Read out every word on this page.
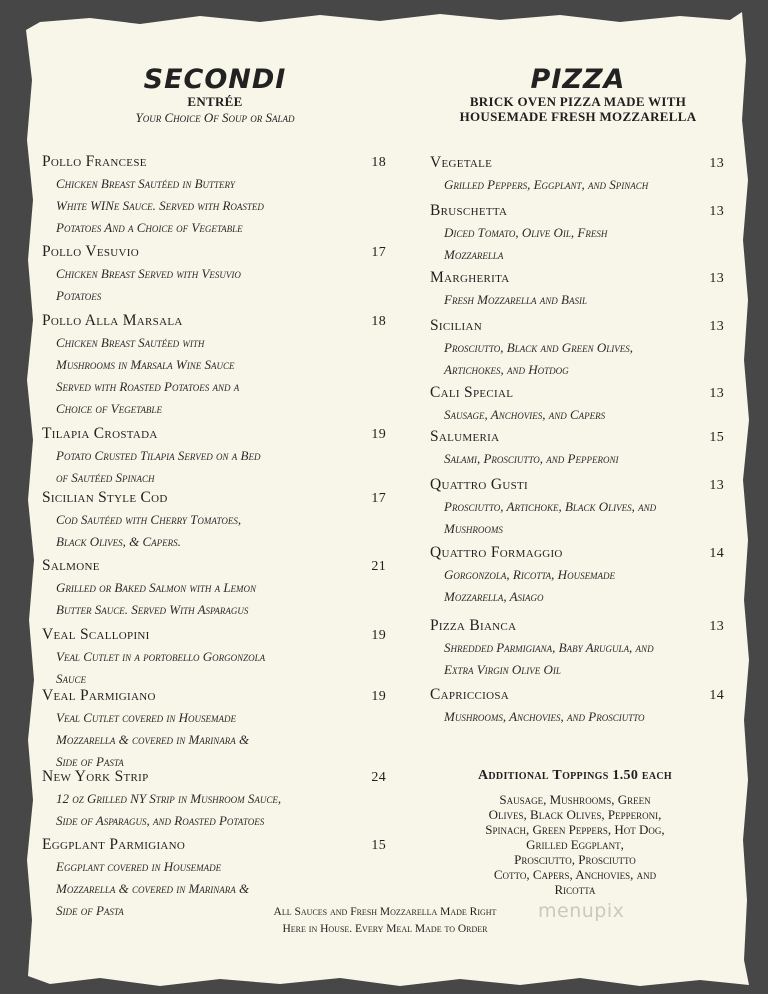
SECONDI
ENTRÉE
Your Choice Of Soup or Salad
Pollo Francese	18
Chicken Breast Sautéed in Buttery
White WINe Sauce. Served with Roasted
Potatoes And a Choice of Vegetable
Pollo Vesuvio	17
Chicken Breast Served with Vesuvio
Potatoes
Pollo Alla Marsala	18
Chicken Breast Sautéed with
Mushrooms in Marsala Wine Sauce
Served with Roasted Potatoes and a
Choice of Vegetable
Tilapia Crostada	19
Potato Crusted Tilapia Served on a Bed
of Sautéed Spinach
Sicilian Style Cod	17
Cod Sautéed with Cherry Tomatoes,
Black Olives, & Capers.
Salmone	21
Grilled or Baked Salmon with a Lemon
Butter Sauce. Served With Asparagus
Veal Scallopini	19
Veal Cutlet in a portobello Gorgonzola
Sauce
Veal Parmigiano	19
Veal Cutlet covered in Housemade
Mozzarella & covered in Marinara &
Side of Pasta
New York Strip	24
12 oz Grilled NY Strip in Mushroom Sauce,
Side of Asparagus, and Roasted Potatoes
Eggplant Parmigiano	15
Eggplant covered in Housemade
Mozzarella & covered in Marinara &
Side of Pasta
PIZZA
BRICK OVEN PIZZA MADE WITH
HOUSEMADE FRESH MOZZARELLA
Vegetale	13
Grilled Peppers, Eggplant, and Spinach
Bruschetta	13
Diced Tomato, Olive Oil, Fresh
Mozzarella
Margherita	13
Fresh Mozzarella and Basil
Sicilian	13
Prosciutto, Black and Green Olives,
Artichokes, and Hotdog
Cali Special	13
Sausage, Anchovies, and Capers
Salumeria	15
Salami, Prosciutto, and Pepperoni
Quattro Gusti	13
Prosciutto, Artichoke, Black Olives, and
Mushrooms
Quattro Formaggio	14
Gorgonzola, Ricotta, Housemade
Mozzarella, Asiago
Pizza Bianca	13
Shredded Parmigiana, Baby Arugula, and
Extra Virgin Olive Oil
Capricciosa	14
Mushrooms, Anchovies, and Prosciutto
Additional Toppings 1.50 each
Sausage, Mushrooms, Green
Olives, Black Olives, Pepperoni,
Spinach, Green Peppers, Hot Dog,
Grilled Eggplant,
Prosciutto, Prosciutto
Cotto, Capers, Anchovies, and
Ricotta
All Sauces and Fresh Mozzarella Made Right
Here in House. Every Meal Made to Order
menupix
